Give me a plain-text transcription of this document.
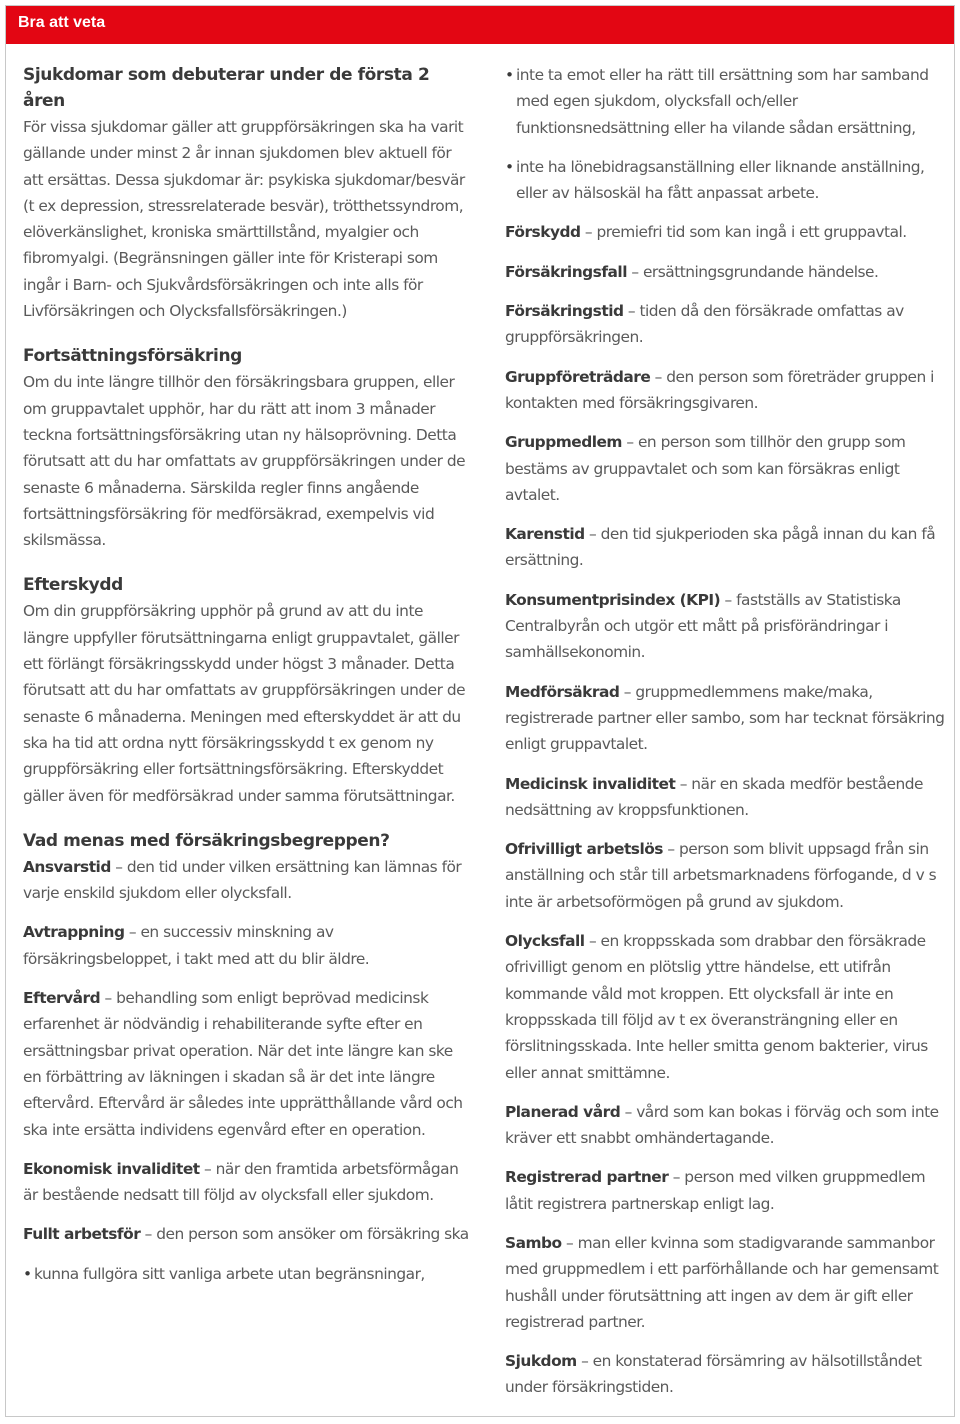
Bra att veta
Sjukdomar som debuterar under de första 2 åren

För vissa sjukdomar gäller att gruppförsäkringen ska ha varit gällande under minst 2 år innan sjukdomen blev aktuell för att ersättas. Dessa sjukdomar är: psykiska sjukdomar/besvär (t ex depression, stressrelaterade besvär), trötthetssyndrom, elöverkänslighet, kroniska smärttillstånd, myalgier och fibromyalgi. (Begränsningen gäller inte för Kristerapi som ingår i Barn- och Sjukvårdsförsäkringen och inte alls för Livförsäkringen och Olycksfallsförsäkringen.)

Fortsättningsförsäkring

Om du inte längre tillhör den försäkringsbara gruppen, eller om gruppavtalet upphör, har du rätt att inom 3 månader teckna fortsättningsförsäkring utan ny hälsoprövning. Detta förutsatt att du har omfattats av gruppförsäkringen under de senaste 6 månaderna. Särskilda regler finns angående fortsättningsförsäkring för medförsäkrad, exempelvis vid skilsmässa.

Efterskydd

Om din gruppförsäkring upphör på grund av att du inte längre uppfyller förutsättningarna enligt gruppavtalet, gäller ett förlängt försäkringsskydd under högst 3 månader. Detta förutsatt att du har omfattats av gruppförsäkringen under de senaste 6 månaderna. Meningen med efterskyddet är att du ska ha tid att ordna nytt försäkringsskydd t ex genom ny gruppförsäkring eller fortsättningsförsäkring. Efterskyddet gäller även för medförsäkrad under samma förutsättningar.

Vad menas med försäkringsbegreppen?

Ansvarstid – den tid under vilken ersättning kan lämnas för varje enskild sjukdom eller olycksfall.

Avtrappning – en successiv minskning av försäkringsbeloppet, i takt med att du blir äldre.

Eftervård – behandling som enligt beprövad medicinsk erfarenhet är nödvändig i rehabiliterande syfte efter en ersättningsbar privat operation. När det inte längre kan ske en förbättring av läkningen i skadan så är det inte längre eftervård. Eftervård är således inte upprätthållande vård och ska inte ersätta individens egenvård efter en operation.

Ekonomisk invaliditet – när den framtida arbetsförmågan är bestående nedsatt till följd av olycksfall eller sjukdom.

Fullt arbetsför – den person som ansöker om försäkring ska

• kunna fullgöra sitt vanliga arbete utan begränsningar,

• inte ta emot eller ha rätt till ersättning som har samband med egen sjukdom, olycksfall och/eller funktionsnedsättning eller ha vilande sådan ersättning,

• inte ha lönebidragsanställning eller liknande anställning, eller av hälsoskäl ha fått anpassat arbete.

Förskydd – premiefri tid som kan ingå i ett gruppavtal.

Försäkringsfall – ersättningsgrundande händelse.

Försäkringstid – tiden då den försäkrade omfattas av gruppförsäkringen.

Gruppföreträdare – den person som företräder gruppen i kontakten med försäkringsgivaren.

Gruppmedlem – en person som tillhör den grupp som bestäms av gruppavtalet och som kan försäkras enligt avtalet.

Karenstid – den tid sjukperioden ska pågå innan du kan få ersättning.

Konsumentprisindex (KPI) – fastställs av Statistiska Centralbyrån och utgör ett mått på prisförändringar i samhällsekonomin.

Medförsäkrad – gruppmedlemmens make/maka, registrerade partner eller sambo, som har tecknat försäkring enligt gruppavtalet.

Medicinsk invaliditet – när en skada medför bestående nedsättning av kroppsfunktionen.

Ofrivilligt arbetslös – person som blivit uppsagd från sin anställning och står till arbetsmarknadens förfogande, d v s inte är arbetsoförmögen på grund av sjukdom.

Olycksfall – en kroppsskada som drabbar den försäkrade ofrivilligt genom en plötslig yttre händelse, ett utifrån kommande våld mot kroppen. Ett olycksfall är inte en kroppsskada till följd av t ex överansträngning eller en förslitningsskada. Inte heller smitta genom bakterier, virus eller annat smittämne.

Planerad vård – vård som kan bokas i förväg och som inte kräver ett snabbt omhändertagande.

Registrerad partner – person med vilken gruppmedlem låtit registrera partnerskap enligt lag.

Sambo – man eller kvinna som stadigvarande sammanbor med gruppmedlem i ett parförhållande och har gemensamt hushåll under förutsättning att ingen av dem är gift eller registrerad partner.

Sjukdom – en konstaterad försämring av hälsotillståndet under försäkringstiden.
